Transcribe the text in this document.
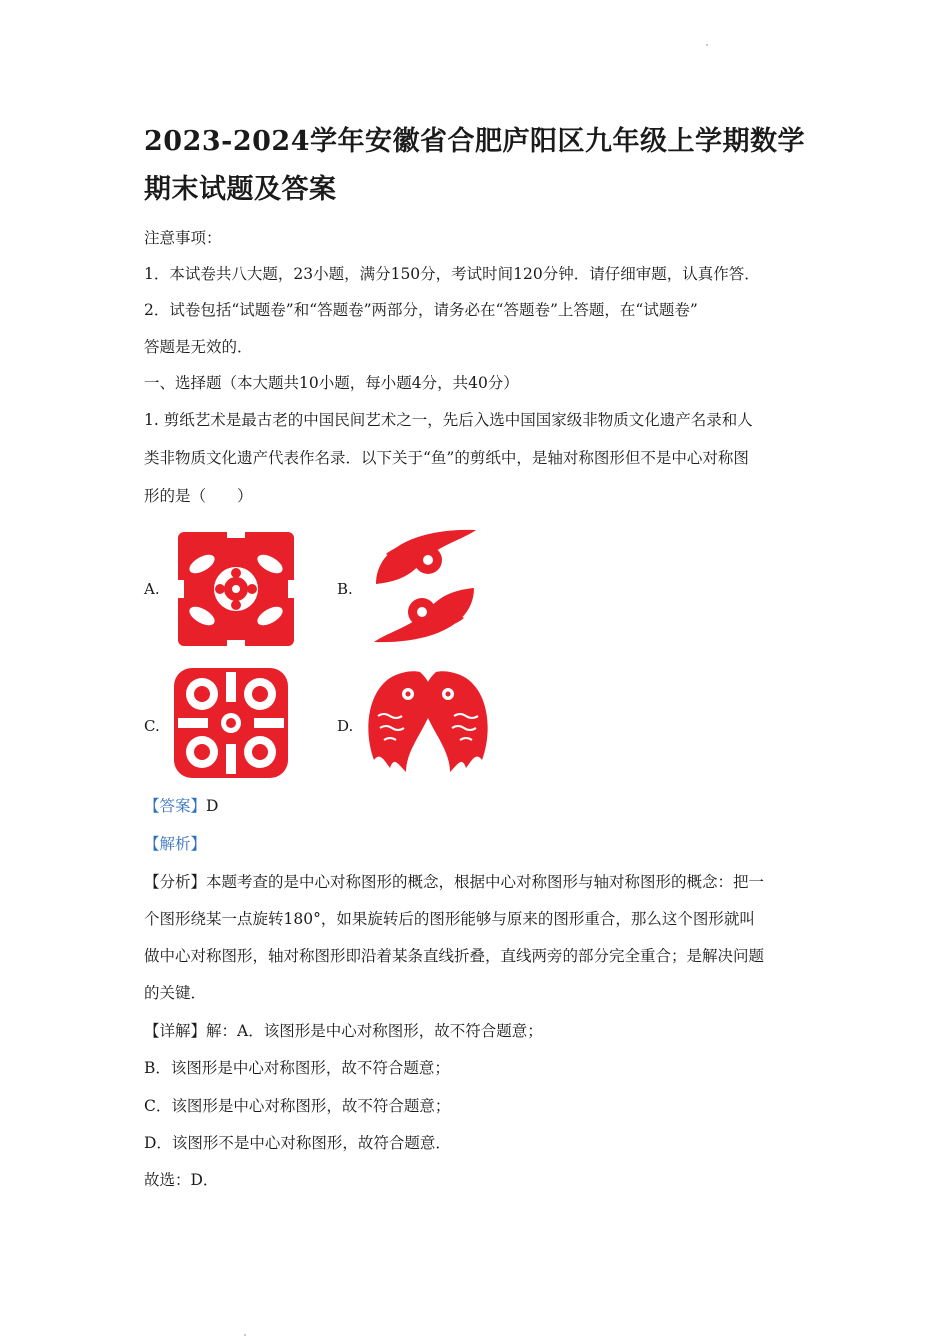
2023-2024学年安徽省合肥庐阳区九年级上学期数学期末试题及答案
注意事项：
1．本试卷共八大题，23小题，满分150分，考试时间120分钟．请仔细审题，认真作答．
2．试卷包括“试题卷”和“答题卷”两部分，请务必在“答题卷”上答题，在“试题卷”
答题是无效的．
一、选择题（本大题共10小题，每小题4分，共40分）
1. 剪纸艺术是最古老的中国民间艺术之一，先后入选中国国家级非物质文化遗产名录和人
类非物质文化遗产代表作名录．以下关于“鱼”的剪纸中，是轴对称图形但不是中心对称图
形的是（　　）
A.	B.
C.	D.
【答案】D
【解析】
【分析】本题考查的是中心对称图形的概念，根据中心对称图形与轴对称图形的概念：把一
个图形绕某一点旋转180°，如果旋转后的图形能够与原来的图形重合，那么这个图形就叫
做中心对称图形，轴对称图形即沿着某条直线折叠，直线两旁的部分完全重合；是解决问题
的关键．
【详解】解：A．该图形是中心对称图形，故不符合题意；
B．该图形是中心对称图形，故不符合题意；
C．该图形是中心对称图形，故不符合题意；
D．该图形不是中心对称图形，故符合题意．
故选：D．
